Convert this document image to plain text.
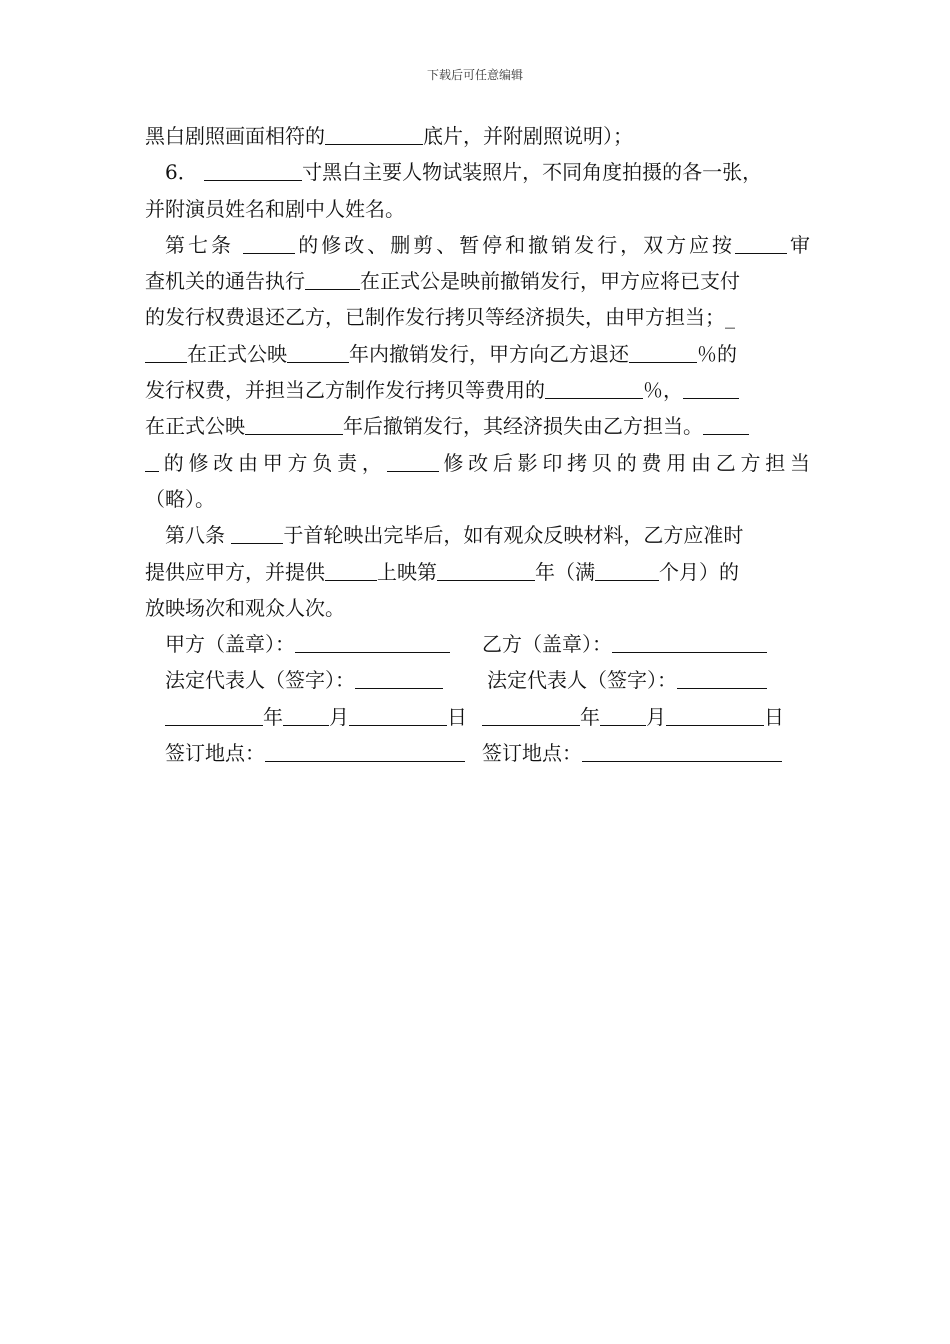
下载后可任意编辑
黑白剧照画面相符的	底片，并附剧照说明）；
6．	寸黑白主要人物试装照片，不同角度拍摄的各一张，
并附演员姓名和剧中人姓名。
第七条	的修改、删剪、暂停和撤销发行，双方应按	审
查机关的通告执行	在正式公是映前撤销发行，甲方应将已支付
的发行权费退还乙方，已制作发行拷贝等经济损失，由甲方担当；_
在正式公映	年内撤销发行，甲方向乙方退还	％的
发行权费，并担当乙方制作发行拷贝等费用的	％，
在正式公映	年后撤销发行，其经济损失由乙方担当。
的修改由甲方负责，	修改后影印拷贝的费用由乙方担当
（略）。
第八条	于首轮映出完毕后，如有观众反映材料，乙方应准时
提供应甲方，并提供	上映第	年（满	个月）的
放映场次和观众人次。
甲方（盖章）：	乙方（盖章）：
法定代表人（签字）：	法定代表人（签字）：
年 月	日	年 月	日
签订地点：	签订地点：
